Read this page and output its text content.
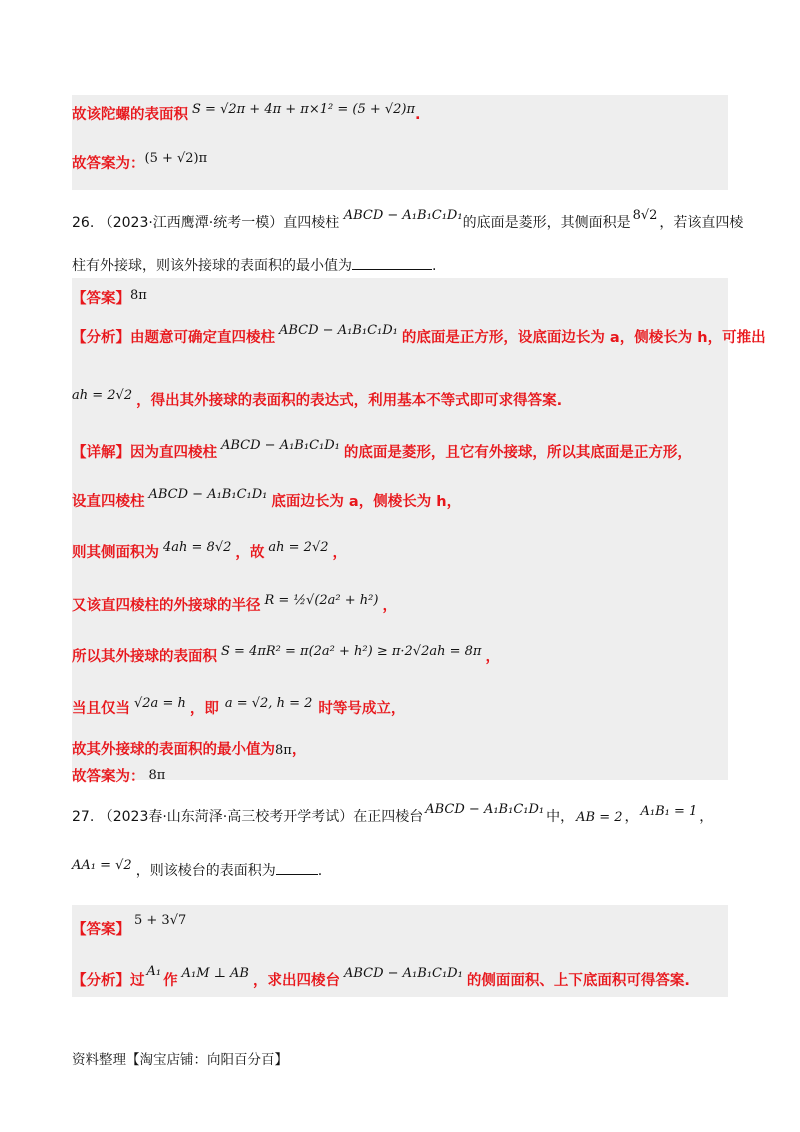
故该陀螺的表面积 S = √2π + 4π + π×1² = (5 + √2)π.
故答案为：(5 + √2)π
26. （2023·江西鹰潭·统考一模）直四棱柱 ABCD − A₁B₁C₁D₁的底面是菱形，其侧面积是 8√2 ，若该直四棱
柱有外接球，则该外接球的表面积的最小值为	.
【答案】8π
【分析】由题意可确定直四棱柱 ABCD − A₁B₁C₁D₁ 的底面是正方形，设底面边长为 a，侧棱长为 h，可推出
ah = 2√2 ，得出其外接球的表面积的表达式，利用基本不等式即可求得答案.
【详解】因为直四棱柱 ABCD − A₁B₁C₁D₁ 的底面是菱形，且它有外接球，所以其底面是正方形，
设直四棱柱 ABCD − A₁B₁C₁D₁ 底面边长为 a，侧棱长为 h，
则其侧面积为 4ah = 8√2 ，故 ah = 2√2 ，
又该直四棱柱的外接球的半径 R = ½√(2a² + h²) ，
所以其外接球的表面积 S = 4πR² = π(2a² + h²) ≥ π·2√2ah = 8π ，
当且仅当 √2a = h ，即 a = √2, h = 2 时等号成立，
故其外接球的表面积的最小值为8π，
故答案为： 8π
27. （2023春·山东菏泽·高三校考开学考试）在正四棱台 ABCD − A₁B₁C₁D₁ 中， AB = 2 ， A₁B₁ = 1 ，
AA₁ = √2 ，则该棱台的表面积为	.
【答案】5 + 3√7
【分析】过A₁作 A₁M ⊥ AB ，求出四棱台 ABCD − A₁B₁C₁D₁ 的侧面面积、上下底面积可得答案.
资料整理【淘宝店铺：向阳百分百】
